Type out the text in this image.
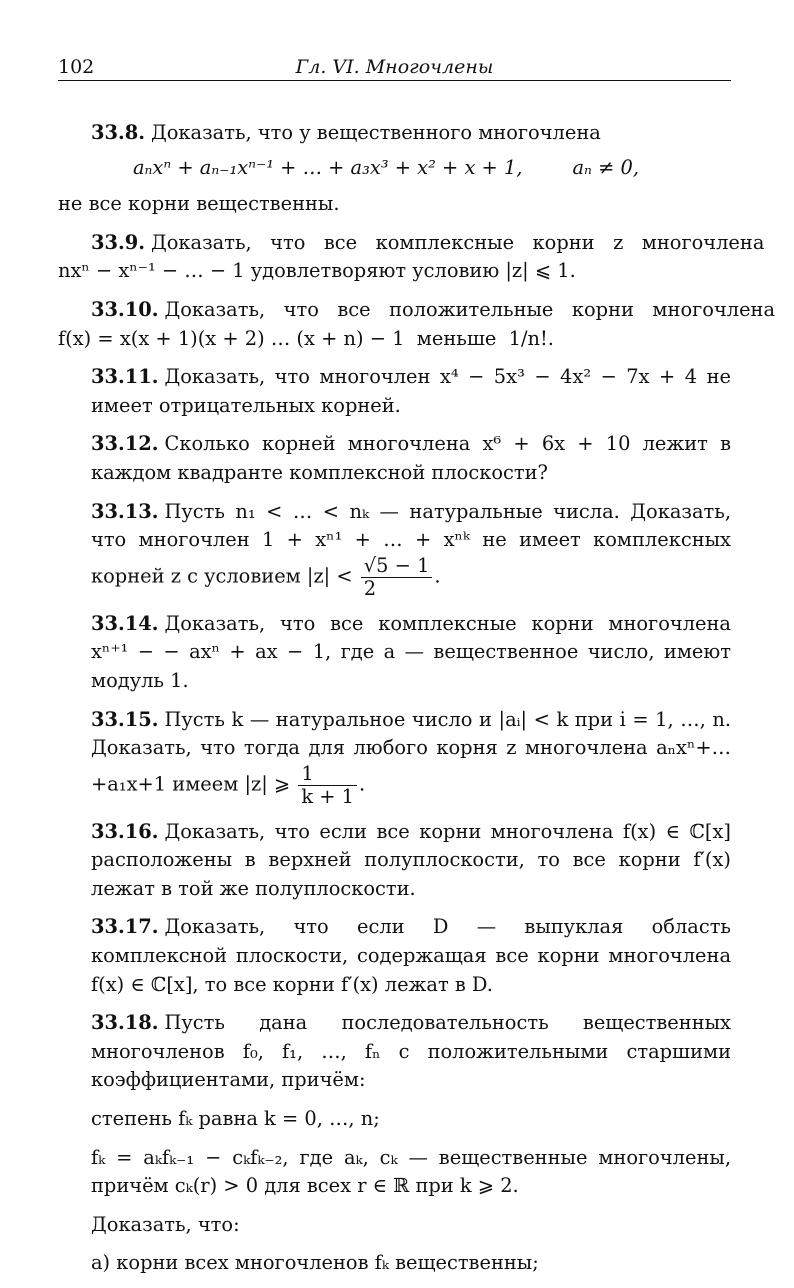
102	Гл. VI. Многочлены
33.8. Доказать, что у вещественного многочлена
aₙxⁿ + aₙ₋₁xⁿ⁻¹ + … + a₃x³ + x² + x + 1,	aₙ ≠ 0,
не все корни вещественны.
33.9. Доказать,   что   все   комплексные   корни   z   многочлена
nxⁿ − xⁿ⁻¹ − … − 1 удовлетворяют условию |z| ⩽ 1.
33.10. Доказать,   что   все   положительные   корни   многочлена
f(x) = x(x + 1)(x + 2) … (x + n) − 1  меньше  1/n!.
33.11. Доказать, что многочлен x⁴ − 5x³ − 4x² − 7x + 4 не имеет отрицательных корней.
33.12. Сколько корней многочлена x⁶ + 6x + 10 лежит в каждом квадранте комплексной плоскости?
33.13. Пусть n₁ < … < nₖ — натуральные числа. Доказать, что многочлен 1 + xⁿ¹ + … + xⁿᵏ не имеет комплексных корней z с условием $|z| < \frac{√5 - 1}{2}$ .
33.14. Доказать, что все комплексные корни многочлена xⁿ⁺¹ − − axⁿ + ax − 1, где a — вещественное число, имеют модуль 1.
33.15. Пусть k — натуральное число и |aᵢ| < k при i = 1, …, n. Доказать, что тогда для любого корня z многочлена aₙxⁿ+…+a₁x+1 имеем |z| ⩾ $\frac{1}{k + 1}$ .
33.16. Доказать, что если все корни многочлена f(x) ∈ ℂ[x] расположены в верхней полуплоскости, то все корни f′(x) лежат в той же полуплоскости.
33.17. Доказать, что если D — выпуклая область комплексной плоскости, содержащая все корни многочлена f(x) ∈ ℂ[x], то все корни f′(x) лежат в D.
33.18. Пусть дана последовательность вещественных многочленов f₀, f₁, …, fₙ с положительными старшими коэффициентами, причём:
степень fₖ равна k = 0, …, n;
fₖ = aₖfₖ₋₁ − cₖfₖ₋₂, где aₖ, cₖ — вещественные многочлены, причём cₖ(r) > 0 для всех r ∈ ℝ при k ⩾ 2.
Доказать, что:
а) корни всех многочленов fₖ вещественны;
